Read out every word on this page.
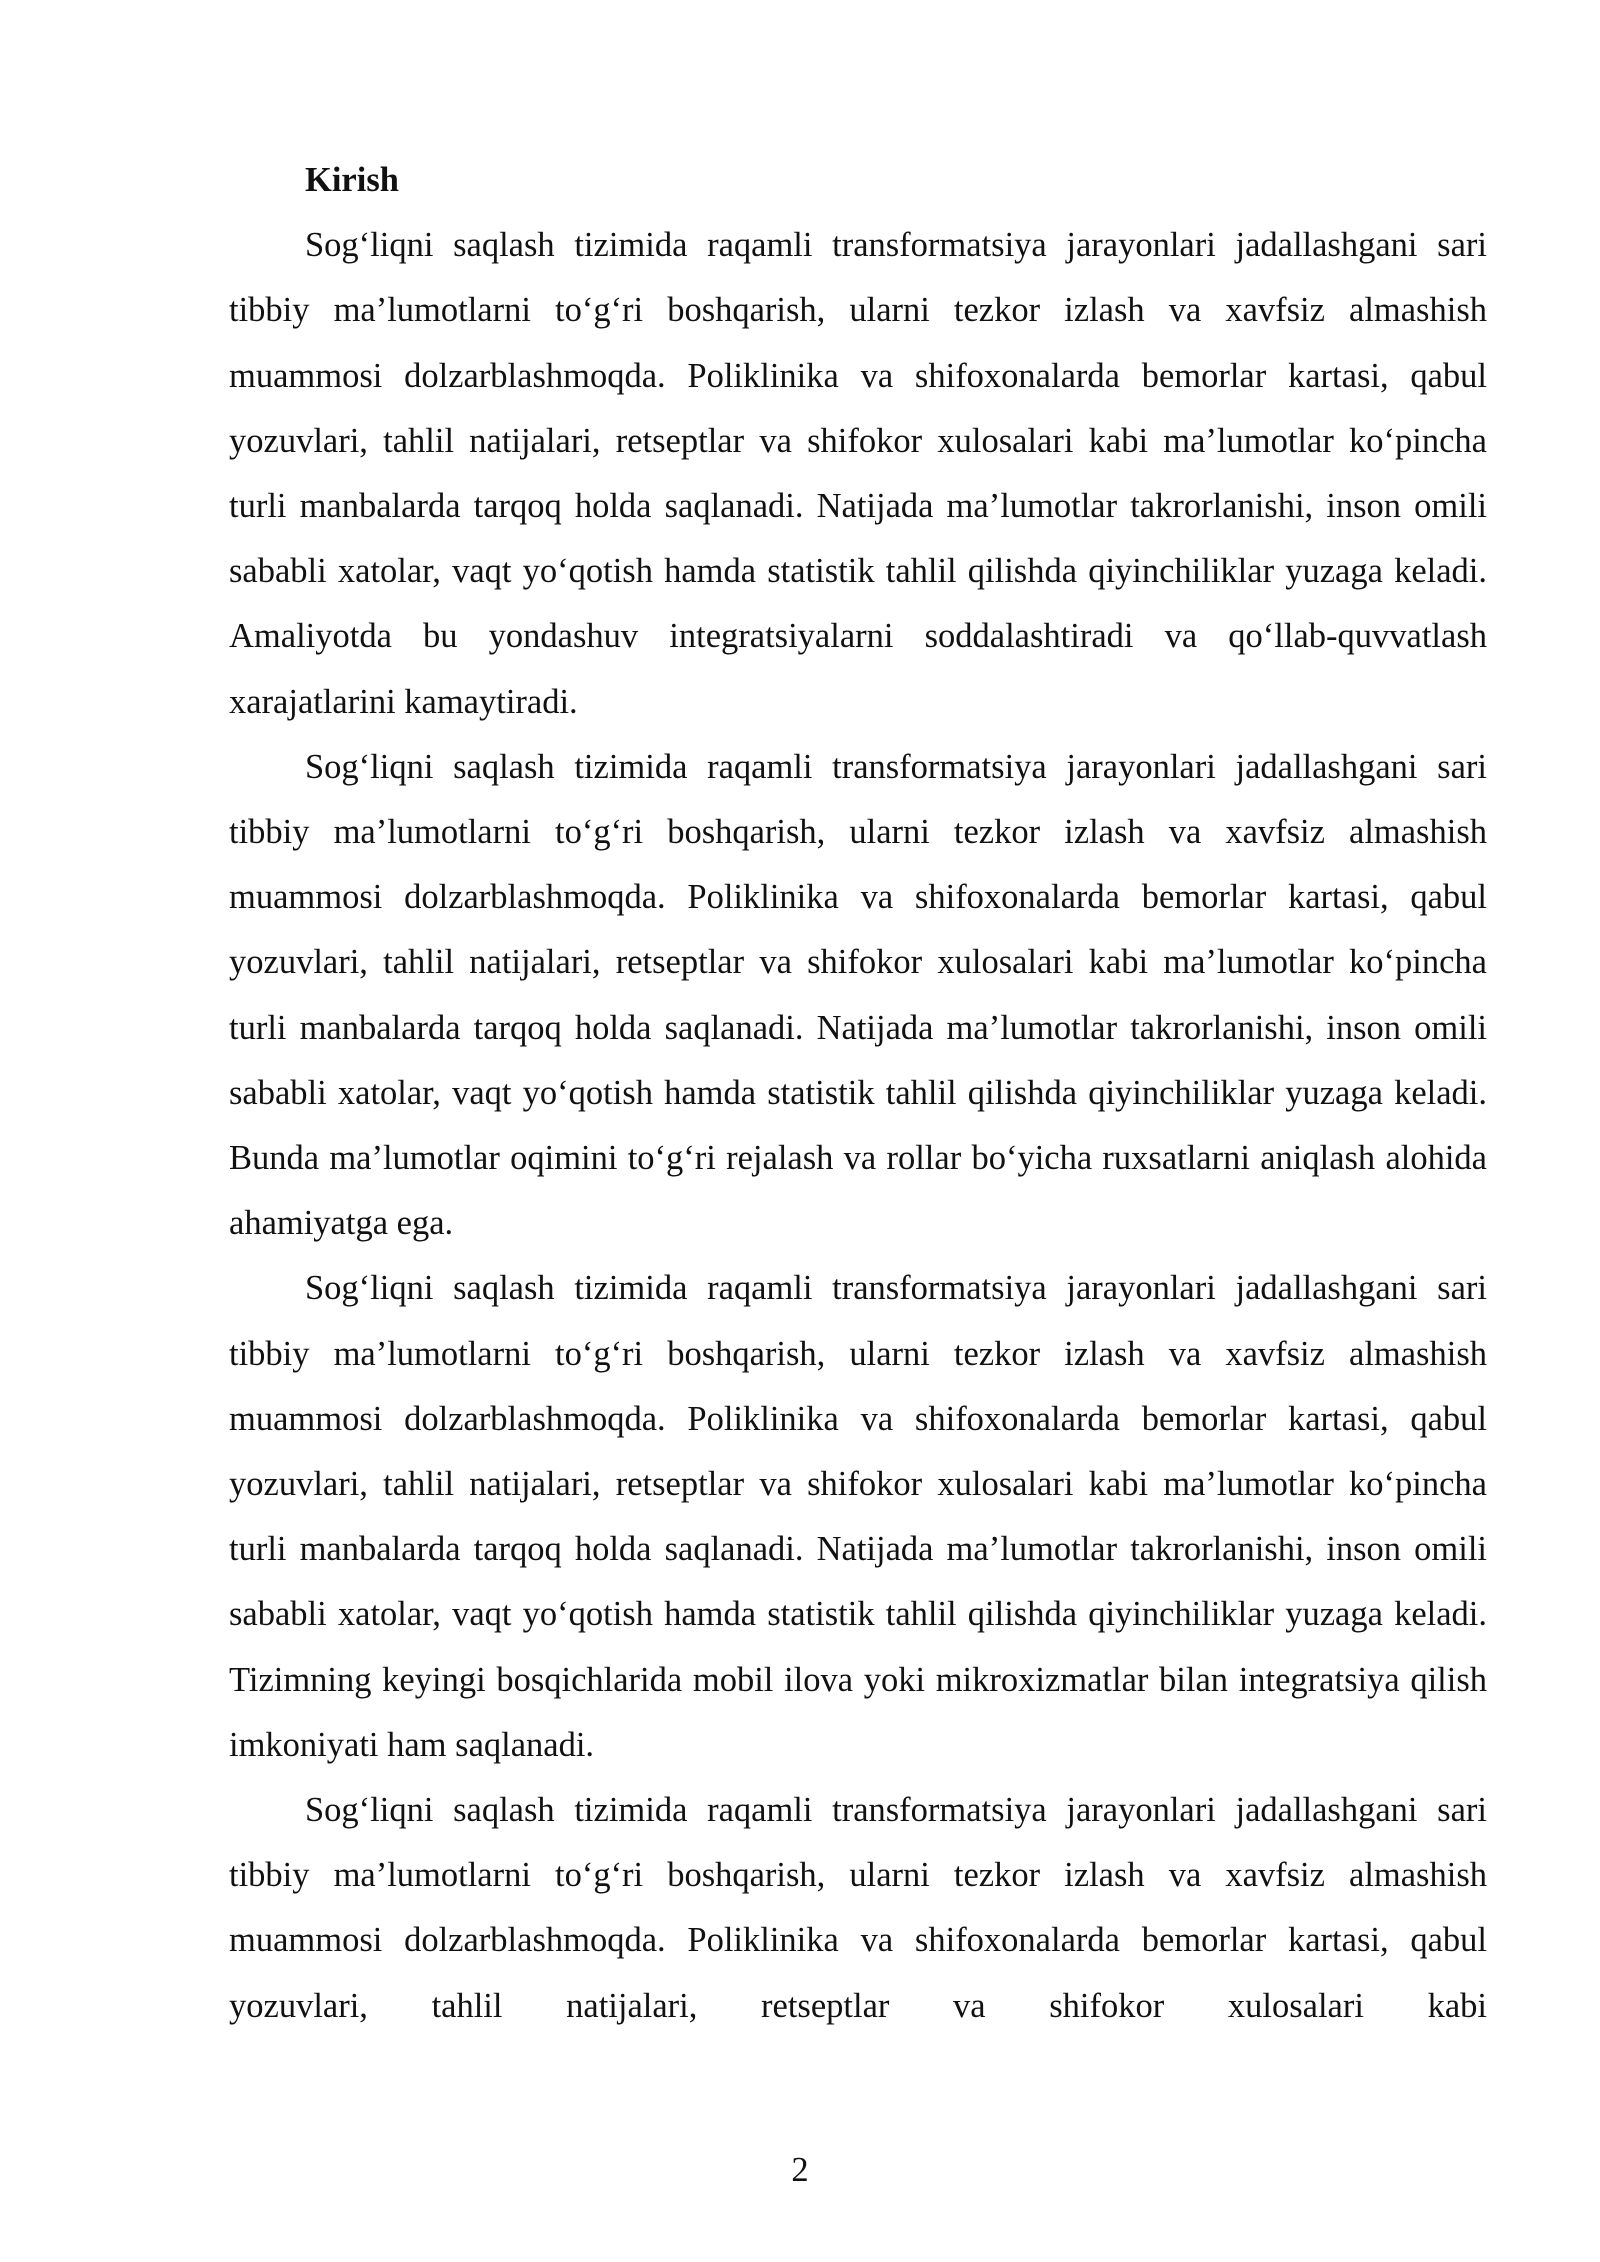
Kirish

Sog‘liqni saqlash tizimida raqamli transformatsiya jarayonlari jadallashgani sari tibbiy ma’lumotlarni to‘g‘ri boshqarish, ularni tezkor izlash va xavfsiz almashish muammosi dolzarblashmoqda. Poliklinika va shifoxonalarda bemorlar kartasi, qabul yozuvlari, tahlil natijalari, retseptlar va shifokor xulosalari kabi ma’lumotlar ko‘pincha turli manbalarda tarqoq holda saqlanadi. Natijada ma’lumotlar takrorlanishi, inson omili sababli xatolar, vaqt yo‘qotish hamda statistik tahlil qilishda qiyinchiliklar yuzaga keladi. Amaliyotda bu yondashuv integratsiyalarni soddalashtiradi va qo‘llab-quvvatlash xarajatlarini kamaytiradi.

Sog‘liqni saqlash tizimida raqamli transformatsiya jarayonlari jadallashgani sari tibbiy ma’lumotlarni to‘g‘ri boshqarish, ularni tezkor izlash va xavfsiz almashish muammosi dolzarblashmoqda. Poliklinika va shifoxonalarda bemorlar kartasi, qabul yozuvlari, tahlil natijalari, retseptlar va shifokor xulosalari kabi ma’lumotlar ko‘pincha turli manbalarda tarqoq holda saqlanadi. Natijada ma’lumotlar takrorlanishi, inson omili sababli xatolar, vaqt yo‘qotish hamda statistik tahlil qilishda qiyinchiliklar yuzaga keladi. Bunda ma’lumotlar oqimini to‘g‘ri rejalash va rollar bo‘yicha ruxsatlarni aniqlash alohida ahamiyatga ega.

Sog‘liqni saqlash tizimida raqamli transformatsiya jarayonlari jadallashgani sari tibbiy ma’lumotlarni to‘g‘ri boshqarish, ularni tezkor izlash va xavfsiz almashish muammosi dolzarblashmoqda. Poliklinika va shifoxonalarda bemorlar kartasi, qabul yozuvlari, tahlil natijalari, retseptlar va shifokor xulosalari kabi ma’lumotlar ko‘pincha turli manbalarda tarqoq holda saqlanadi. Natijada ma’lumotlar takrorlanishi, inson omili sababli xatolar, vaqt yo‘qotish hamda statistik tahlil qilishda qiyinchiliklar yuzaga keladi. Tizimning keyingi bosqichlarida mobil ilova yoki mikroxizmatlar bilan integratsiya qilish imkoniyati ham saqlanadi.

Sog‘liqni saqlash tizimida raqamli transformatsiya jarayonlari jadallashgani sari tibbiy ma’lumotlarni to‘g‘ri boshqarish, ularni tezkor izlash va xavfsiz almashish muammosi dolzarblashmoqda. Poliklinika va shifoxonalarda bemorlar kartasi, qabul yozuvlari, tahlil natijalari, retseptlar va shifokor xulosalari kabi

2
